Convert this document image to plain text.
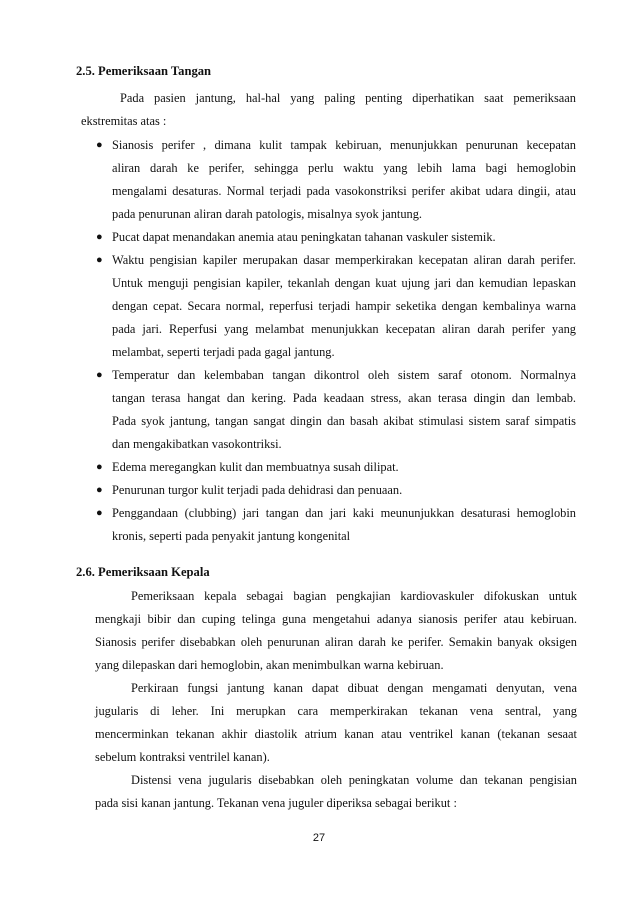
2.5. Pemeriksaan Tangan
Pada pasien jantung, hal-hal yang paling penting diperhatikan saat pemeriksaan
ekstremitas atas :
● Sianosis perifer , dimana kulit tampak kebiruan, menunjukkan penurunan kecepatan
aliran darah ke perifer, sehingga perlu waktu yang lebih lama bagi hemoglobin
mengalami desaturas. Normal terjadi pada vasokonstriksi perifer akibat udara dingii, atau
pada penurunan aliran darah patologis, misalnya syok jantung.
● Pucat dapat menandakan anemia atau peningkatan tahanan vaskuler sistemik.
● Waktu pengisian kapiler merupakan dasar memperkirakan kecepatan aliran darah perifer.
Untuk menguji pengisian kapiler, tekanlah dengan kuat ujung jari dan kemudian lepaskan
dengan cepat. Secara normal, reperfusi terjadi hampir seketika dengan kembalinya warna
pada jari. Reperfusi yang melambat menunjukkan kecepatan aliran darah perifer yang
melambat, seperti terjadi pada gagal jantung.
● Temperatur dan kelembaban tangan dikontrol oleh sistem saraf otonom. Normalnya
tangan terasa hangat dan kering. Pada keadaan stress, akan terasa dingin dan lembab.
Pada syok jantung, tangan sangat dingin dan basah akibat stimulasi sistem saraf simpatis
dan mengakibatkan vasokontriksi.
● Edema meregangkan kulit dan membuatnya susah dilipat.
● Penurunan turgor kulit terjadi pada dehidrasi dan penuaan.
● Penggandaan (clubbing) jari tangan dan jari kaki meununjukkan desaturasi hemoglobin
kronis, seperti pada penyakit jantung kongenital
2.6. Pemeriksaan Kepala
Pemeriksaan kepala sebagai bagian pengkajian kardiovaskuler difokuskan untuk
mengkaji bibir dan cuping telinga guna mengetahui adanya sianosis perifer atau kebiruan.
Sianosis perifer disebabkan oleh penurunan aliran darah ke perifer. Semakin banyak oksigen
yang dilepaskan dari hemoglobin, akan menimbulkan warna kebiruan.
Perkiraan fungsi jantung kanan dapat dibuat dengan mengamati denyutan, vena
jugularis di leher. Ini merupkan cara memperkirakan tekanan vena sentral, yang
mencerminkan tekanan akhir diastolik atrium kanan atau ventrikel kanan (tekanan sesaat
sebelum kontraksi ventrilel kanan).
Distensi vena jugularis disebabkan oleh peningkatan volume dan tekanan pengisian
pada sisi kanan jantung. Tekanan vena juguler diperiksa sebagai berikut :
27
